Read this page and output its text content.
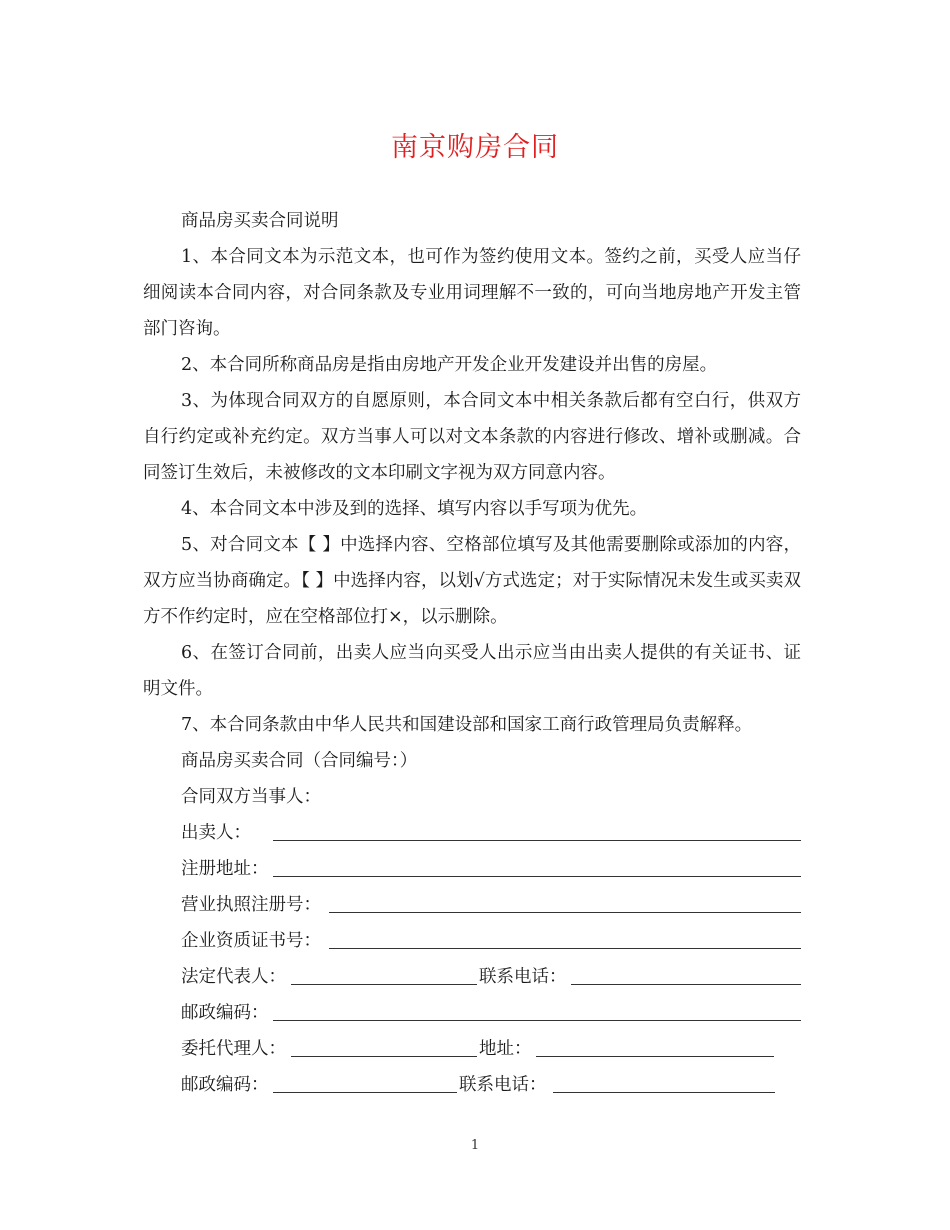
南京购房合同

商品房买卖合同说明

1、本合同文本为示范文本，也可作为签约使用文本。签约之前，买受人应当仔细阅读本合同内容，对合同条款及专业用词理解不一致的，可向当地房地产开发主管部门咨询。

2、本合同所称商品房是指由房地产开发企业开发建设并出售的房屋。

3、为体现合同双方的自愿原则，本合同文本中相关条款后都有空白行，供双方自行约定或补充约定。双方当事人可以对文本条款的内容进行修改、增补或删减。合同签订生效后，未被修改的文本印刷文字视为双方同意内容。

4、本合同文本中涉及到的选择、填写内容以手写项为优先。

5、对合同文本【 】中选择内容、空格部位填写及其他需要删除或添加的内容，双方应当协商确定。【 】中选择内容，以划√方式选定；对于实际情况未发生或买卖双方不作约定时，应在空格部位打×，以示删除。

6、在签订合同前，出卖人应当向买受人出示应当由出卖人提供的有关证书、证明文件。

7、本合同条款由中华人民共和国建设部和国家工商行政管理局负责解释。

商品房买卖合同（合同编号：）

合同双方当事人：

出卖人：
注册地址：
营业执照注册号：
企业资质证书号：
法定代表人：	联系电话：
邮政编码：
委托代理人：	地址：
邮政编码：	联系电话：
1
